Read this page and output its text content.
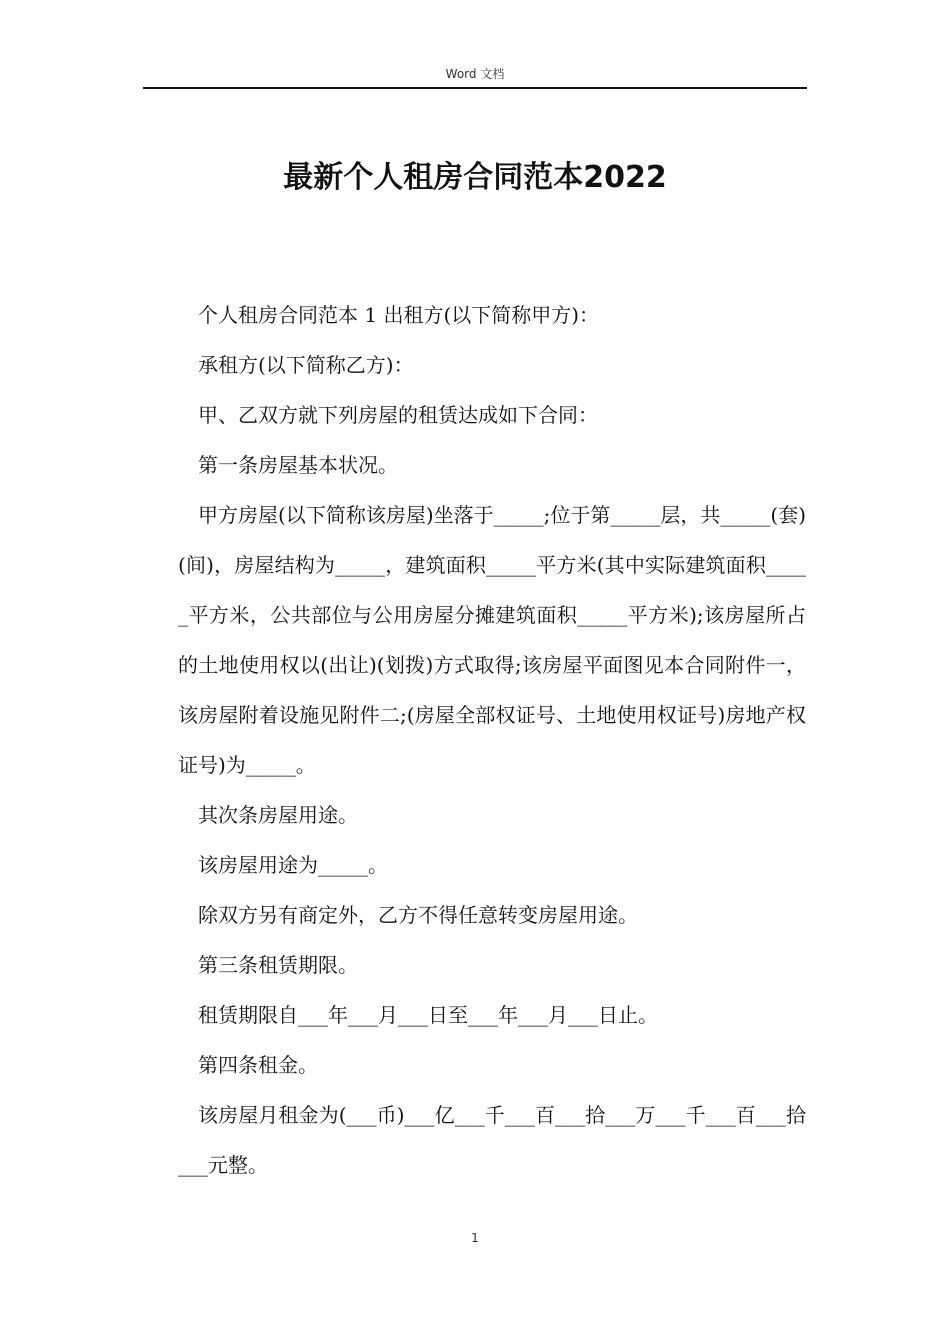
Word 文档
最新个人租房合同范本2022

个人租房合同范本 1 出租方(以下简称甲方)：

承租方(以下简称乙方)：

甲、乙双方就下列房屋的租赁达成如下合同：

第一条房屋基本状况。

甲方房屋(以下简称该房屋)坐落于_____;位于第_____层，共_____(套)(间)，房屋结构为_____，建筑面积_____平方米(其中实际建筑面积_____平方米，公共部位与公用房屋分摊建筑面积_____平方米);该房屋所占的土地使用权以(出让)(划拨)方式取得;该房屋平面图见本合同附件一，该房屋附着设施见附件二;(房屋全部权证号、土地使用权证号)房地产权证号)为_____。

其次条房屋用途。

该房屋用途为_____。

除双方另有商定外，乙方不得任意转变房屋用途。

第三条租赁期限。

租赁期限自___年___月___日至___年___月___日止。

第四条租金。

该房屋月租金为(___币)___亿___千___百___拾___万___千___百___拾___元整。

1
